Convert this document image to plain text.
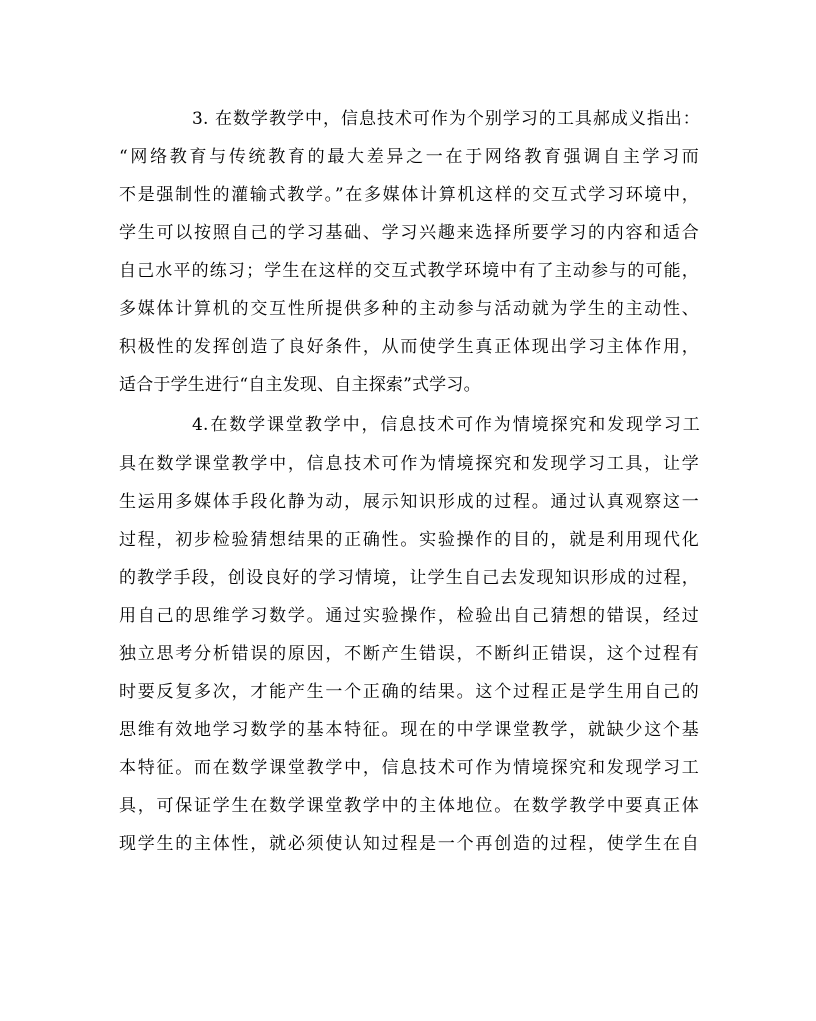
3. 在数学教学中，信息技术可作为个别学习的工具郝成义指出：
“网络教育与传统教育的最大差异之一在于网络教育强调自主学习而
不是强制性的灌输式教学。”在多媒体计算机这样的交互式学习环境中，
学生可以按照自己的学习基础、学习兴趣来选择所要学习的内容和适合
自己水平的练习；学生在这样的交互式教学环境中有了主动参与的可能，
多媒体计算机的交互性所提供多种的主动参与活动就为学生的主动性、
积极性的发挥创造了良好条件，从而使学生真正体现出学习主体作用，
适合于学生进行“自主发现、自主探索”式学习。
4.在数学课堂教学中，信息技术可作为情境探究和发现学习工
具在数学课堂教学中，信息技术可作为情境探究和发现学习工具，让学
生运用多媒体手段化静为动，展示知识形成的过程。通过认真观察这一
过程，初步检验猜想结果的正确性。实验操作的目的，就是利用现代化
的教学手段，创设良好的学习情境，让学生自己去发现知识形成的过程，
用自己的思维学习数学。通过实验操作，检验出自己猜想的错误，经过
独立思考分析错误的原因，不断产生错误，不断纠正错误，这个过程有
时要反复多次，才能产生一个正确的结果。这个过程正是学生用自己的
思维有效地学习数学的基本特征。现在的中学课堂教学，就缺少这个基
本特征。而在数学课堂教学中，信息技术可作为情境探究和发现学习工
具，可保证学生在数学课堂教学中的主体地位。在数学教学中要真正体
现学生的主体性，就必须使认知过程是一个再创造的过程，使学生在自
